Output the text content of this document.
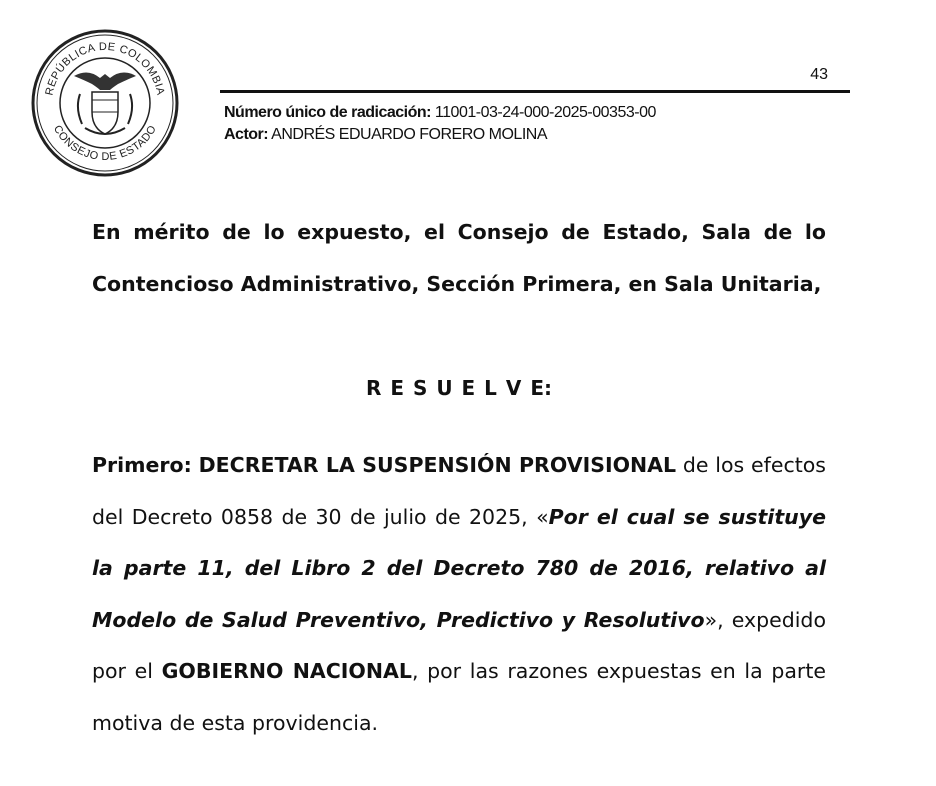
REPÚBLICA DE COLOMBIA
CONSEJO DE ESTADO
43
Número único de radicación: 11001-03-24-000-2025-00353-00
Actor: ANDRÉS EDUARDO FORERO MOLINA
En mérito de lo expuesto, el Consejo de Estado, Sala de lo Contencioso Administrativo, Sección Primera, en Sala Unitaria,
R E S U E L V E:
Primero: DECRETAR LA SUSPENSIÓN PROVISIONAL de los efectos del Decreto 0858 de 30 de julio de 2025, «Por el cual se sustituye la parte 11, del Libro 2 del Decreto 780 de 2016, relativo al Modelo de Salud Preventivo, Predictivo y Resolutivo», expedido por el GOBIERNO NACIONAL, por las razones expuestas en la parte motiva de esta providencia.
